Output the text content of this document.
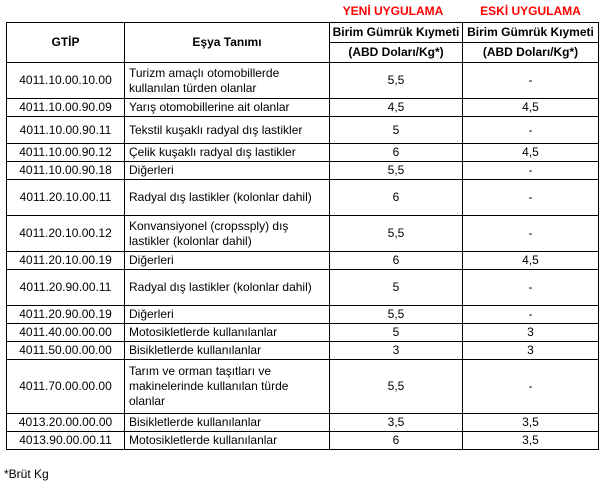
YENİ UYGULAMA	ESKİ UYGULAMA
GTİP	Eşya Tanımı	Birim Gümrük Kıymeti	Birim Gümrük Kıymeti
		(ABD Doları/Kg*)	(ABD Doları/Kg*)
4011.10.00.10.00	Turizm amaçlı otomobillerde kullanılan türden olanlar	5,5	-
4011.10.00.90.09	Yarış otomobillerine ait olanlar	4,5	4,5
4011.10.00.90.11	Tekstil kuşaklı radyal dış lastikler	5	-
4011.10.00.90.12	Çelik kuşaklı radyal dış lastikler	6	4,5
4011.10.00.90.18	Diğerleri	5,5	-
4011.20.10.00.11	Radyal dış lastikler (kolonlar dahil)	6	-
4011.20.10.00.12	Konvansiyonel (cropssply) dış lastikler (kolonlar dahil)	5,5	-
4011.20.10.00.19	Diğerleri	6	4,5
4011.20.90.00.11	Radyal dış lastikler (kolonlar dahil)	5	-
4011.20.90.00.19	Diğerleri	5,5	-
4011.40.00.00.00	Motosikletlerde kullanılanlar	5	3
4011.50.00.00.00	Bisikletlerde kullanılanlar	3	3
4011.70.00.00.00	Tarım ve orman taşıtları ve makinelerinde kullanılan türde olanlar	5,5	-
4013.20.00.00.00	Bisikletlerde kullanılanlar	3,5	3,5
4013.90.00.00.11	Motosikletlerde kullanılanlar	6	3,5
*Brüt Kg
